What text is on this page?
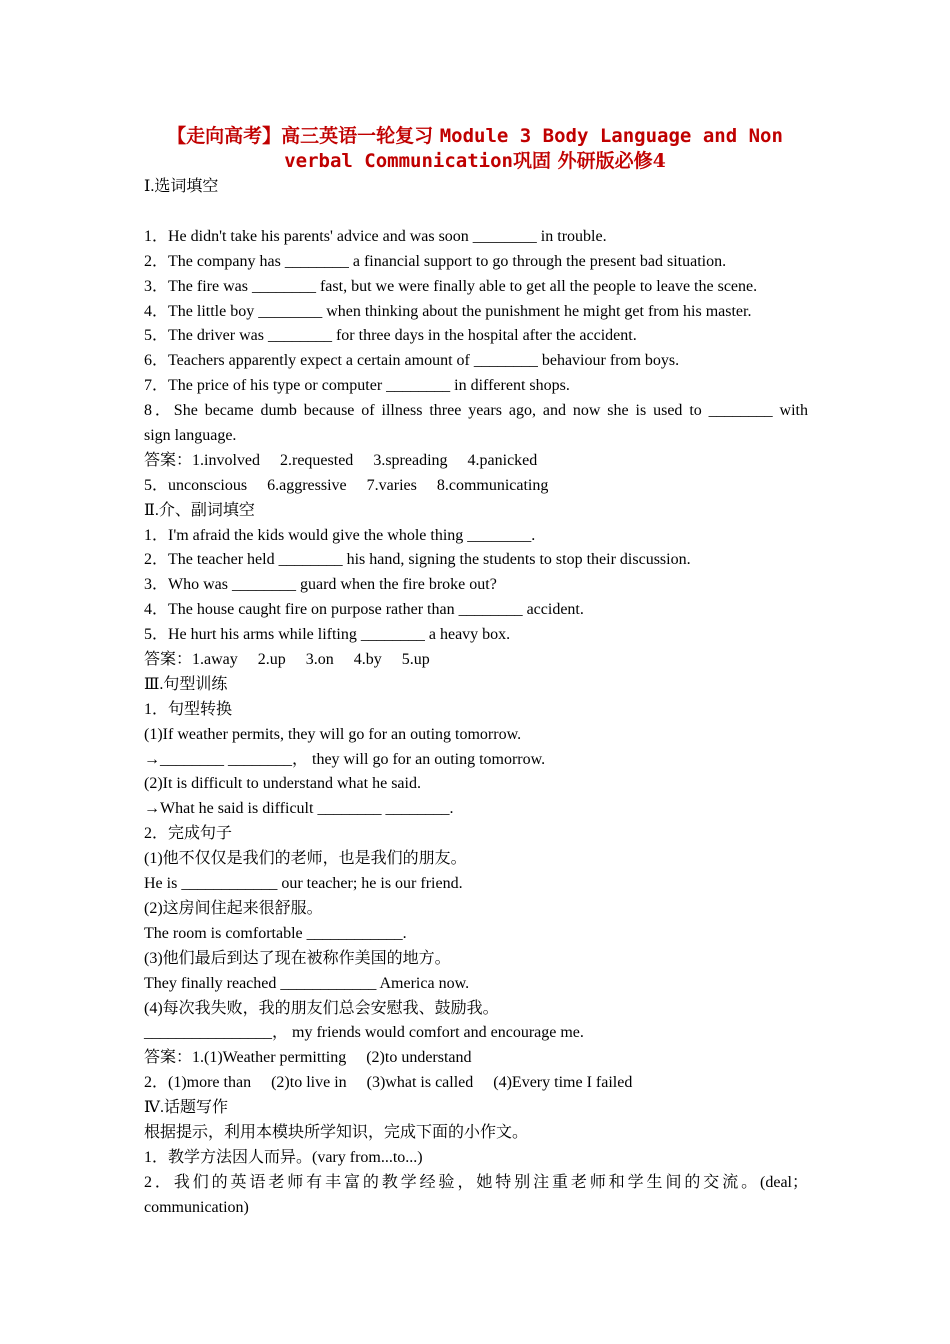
【走向高考】高三英语一轮复习 Module 3 Body Language and Non
verbal Communication巩固 外研版必修4
Ⅰ.选词填空
1．He didn't take his parents' advice and was soon ________ in trouble.
2．The company has ________ a financial support to go through the present bad situation.
3．The fire was ________ fast, but we were finally able to get all the people to leave the scene.
4．The little boy ________ when thinking about the punishment he might get from his master.
5．The driver was ________ for three days in the hospital after the accident.
6．Teachers apparently expect a certain amount of ________ behaviour from boys.
7．The price of his type or computer ________ in different shops.
8．She became dumb because of illness three years ago, and now she is used to ________ with
sign language.
答案：1.involved 2.requested 3.spreading 4.panicked
5．unconscious 6.aggressive 7.varies 8.communicating
Ⅱ.介、副词填空
1．I'm afraid the kids would give the whole thing ________.
2．The teacher held ________ his hand, signing the students to stop their discussion.
3．Who was ________ guard when the fire broke out?
4．The house caught fire on purpose rather than ________ accident.
5．He hurt his arms while lifting ________ a heavy box.
答案：1.away 2.up 3.on 4.by 5.up
Ⅲ.句型训练
1．句型转换
(1)If weather permits, they will go for an outing tomorrow.
→________ ________， they will go for an outing tomorrow.
(2)It is difficult to understand what he said.
→What he said is difficult ________ ________.
2．完成句子
(1)他不仅仅是我们的老师，也是我们的朋友。
He is ____________ our teacher; he is our friend.
(2)这房间住起来很舒服。
The room is comfortable ____________.
(3)他们最后到达了现在被称作美国的地方。
They finally reached ____________ America now.
(4)每次我失败，我的朋友们总会安慰我、鼓励我。
________________， my friends would comfort and encourage me.
答案：1.(1)Weather permitting (2)to understand
2．(1)more than (2)to live in (3)what is called (4)Every time I failed
Ⅳ.话题写作
根据提示，利用本模块所学知识，完成下面的小作文。
1．教学方法因人而异。(vary from...to...)
2．我们的英语老师有丰富的教学经验，她特别注重老师和学生间的交流。(deal；
communication)
